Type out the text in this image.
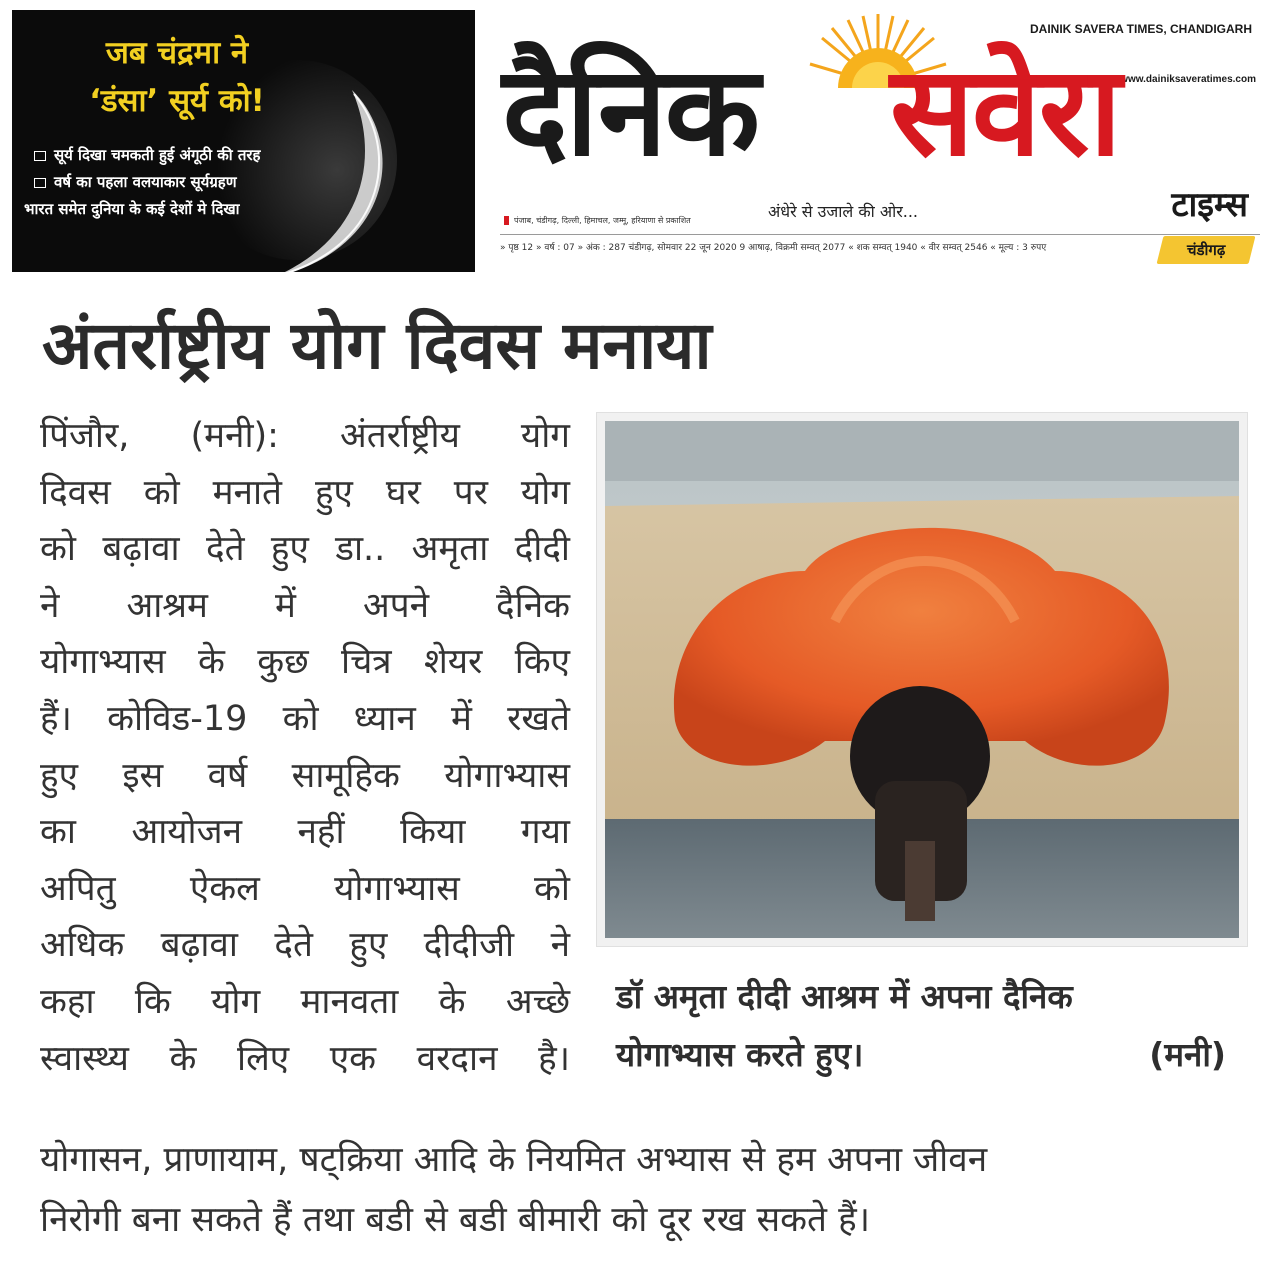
जब चंद्रमा ने
‘डंसा’ सूर्य को!
सूर्य दिखा चमकती हुई अंगूठी की तरह
वर्ष का पहला वलयाकार सूर्यग्रहण
भारत समेत दुनिया के कई देशों मे दिखा
DAINIK SAVERA TIMES, CHANDIGARH
www.dainiksaveratimes.com
दैनिक सवेरा
अंधेरे से उजाले की ओर...	टाइम्स
पंजाब, चंडीगढ़, दिल्ली, हिमाचल, जम्मू, हरियाणा से प्रकाशित
» पृष्ठ 12 » वर्ष : 07 » अंक : 287 चंडीगढ़, सोमवार 22 जून 2020 9 आषाढ़, विक्रमी सम्वत् 2077 « शक सम्वत् 1940 « वीर सम्वत् 2546 « मूल्य : 3 रुपए	चंडीगढ़
अंतर्राष्ट्रीय योग दिवस मनाया
पिंजौर, (मनी): अंतर्राष्ट्रीय योग
दिवस को मनाते हुए घर पर योग
को बढ़ावा देते हुए डा.. अमृता दीदी
ने आश्रम में अपने दैनिक
योगाभ्यास के कुछ चित्र शेयर किए
हैं। कोविड-19 को ध्यान में रखते
हुए इस वर्ष सामूहिक योगाभ्यास
का आयोजन नहीं किया गया
अपितु ऐकल योगाभ्यास को
अधिक बढ़ावा देते हुए दीदीजी ने
कहा कि योग मानवता के अच्छे
स्वास्थ्य के लिए एक वरदान है।
डॉ अमृता दीदी आश्रम में अपना दैनिक
योगाभ्यास करते हुए।	(मनी)
योगासन, प्राणायाम, षट्क्रिया आदि के नियमित अभ्यास से हम अपना जीवन
निरोगी बना सकते हैं तथा बडी से बडी बीमारी को दूर रख सकते हैं।
